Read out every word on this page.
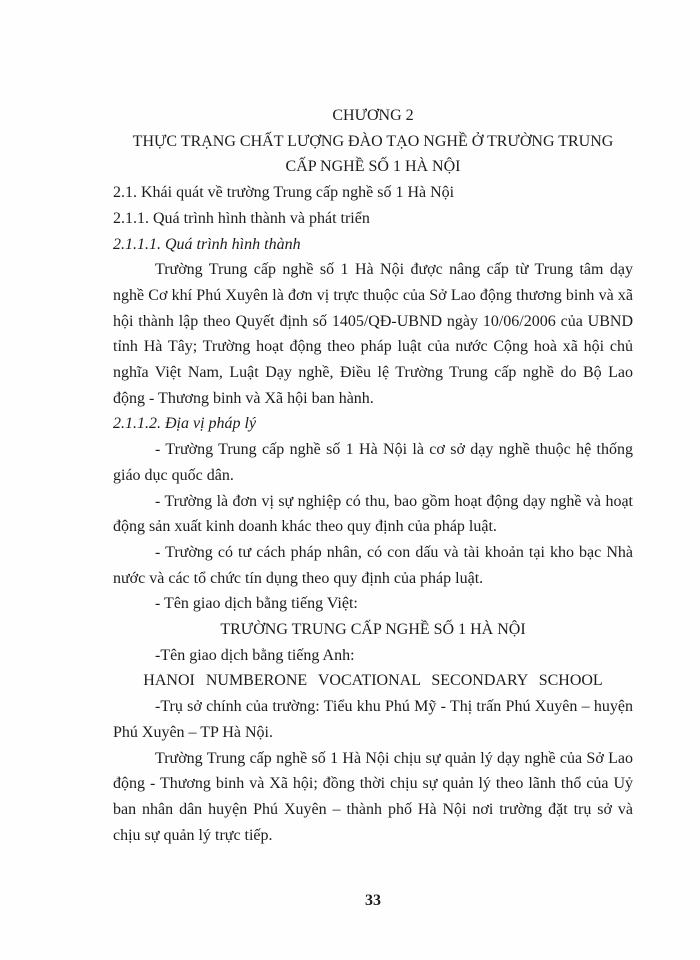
CHƯƠNG 2
THỰC TRẠNG CHẤT LƯỢNG ĐÀO TẠO NGHỀ Ở TRƯỜNG TRUNG
CẤP NGHỀ SỐ 1 HÀ NỘI

2.1. Khái quát về trường Trung cấp nghề số 1 Hà Nội

2.1.1. Quá trình hình thành và phát triển

2.1.1.1. Quá trình hình thành

Trường Trung cấp nghề số 1 Hà Nội được nâng cấp từ Trung tâm dạy nghề Cơ khí Phú Xuyên là đơn vị trực thuộc của Sở Lao động thương binh và xã hội thành lập theo Quyết định số 1405/QĐ-UBND ngày 10/06/2006 của UBND tỉnh Hà Tây; Trường hoạt động theo pháp luật của nước Cộng hoà xã hội chủ nghĩa Việt Nam, Luật Dạy nghề, Điều lệ Trường Trung cấp nghề do Bộ Lao động - Thương binh và Xã hội ban hành.

2.1.1.2. Địa vị pháp lý

- Trường Trung cấp nghề số 1 Hà Nội là cơ sở dạy nghề thuộc hệ thống giáo dục quốc dân.

- Trường là đơn vị sự nghiệp có thu, bao gồm hoạt động dạy nghề và hoạt động sản xuất kinh doanh khác theo quy định của pháp luật.

- Trường có tư cách pháp nhân, có con dấu và tài khoản tại kho bạc Nhà nước và các tổ chức tín dụng theo quy định của pháp luật.

- Tên giao dịch bằng tiếng Việt:

TRƯỜNG TRUNG CẤP NGHỀ SỐ 1 HÀ NỘI

-Tên giao dịch bằng tiếng Anh:

HANOI NUMBERONE VOCATIONAL SECONDARY SCHOOL

-Trụ sở chính của trường: Tiểu khu Phú Mỹ - Thị trấn Phú Xuyên – huyện Phú Xuyên – TP Hà Nội.

Trường Trung cấp nghề số 1 Hà Nội chịu sự quản lý dạy nghề của Sở Lao động - Thương binh và Xã hội; đồng thời chịu sự quản lý theo lãnh thổ của Uỷ ban nhân dân huyện Phú Xuyên – thành phố Hà Nội nơi trường đặt trụ sở và chịu sự quản lý trực tiếp.

33
